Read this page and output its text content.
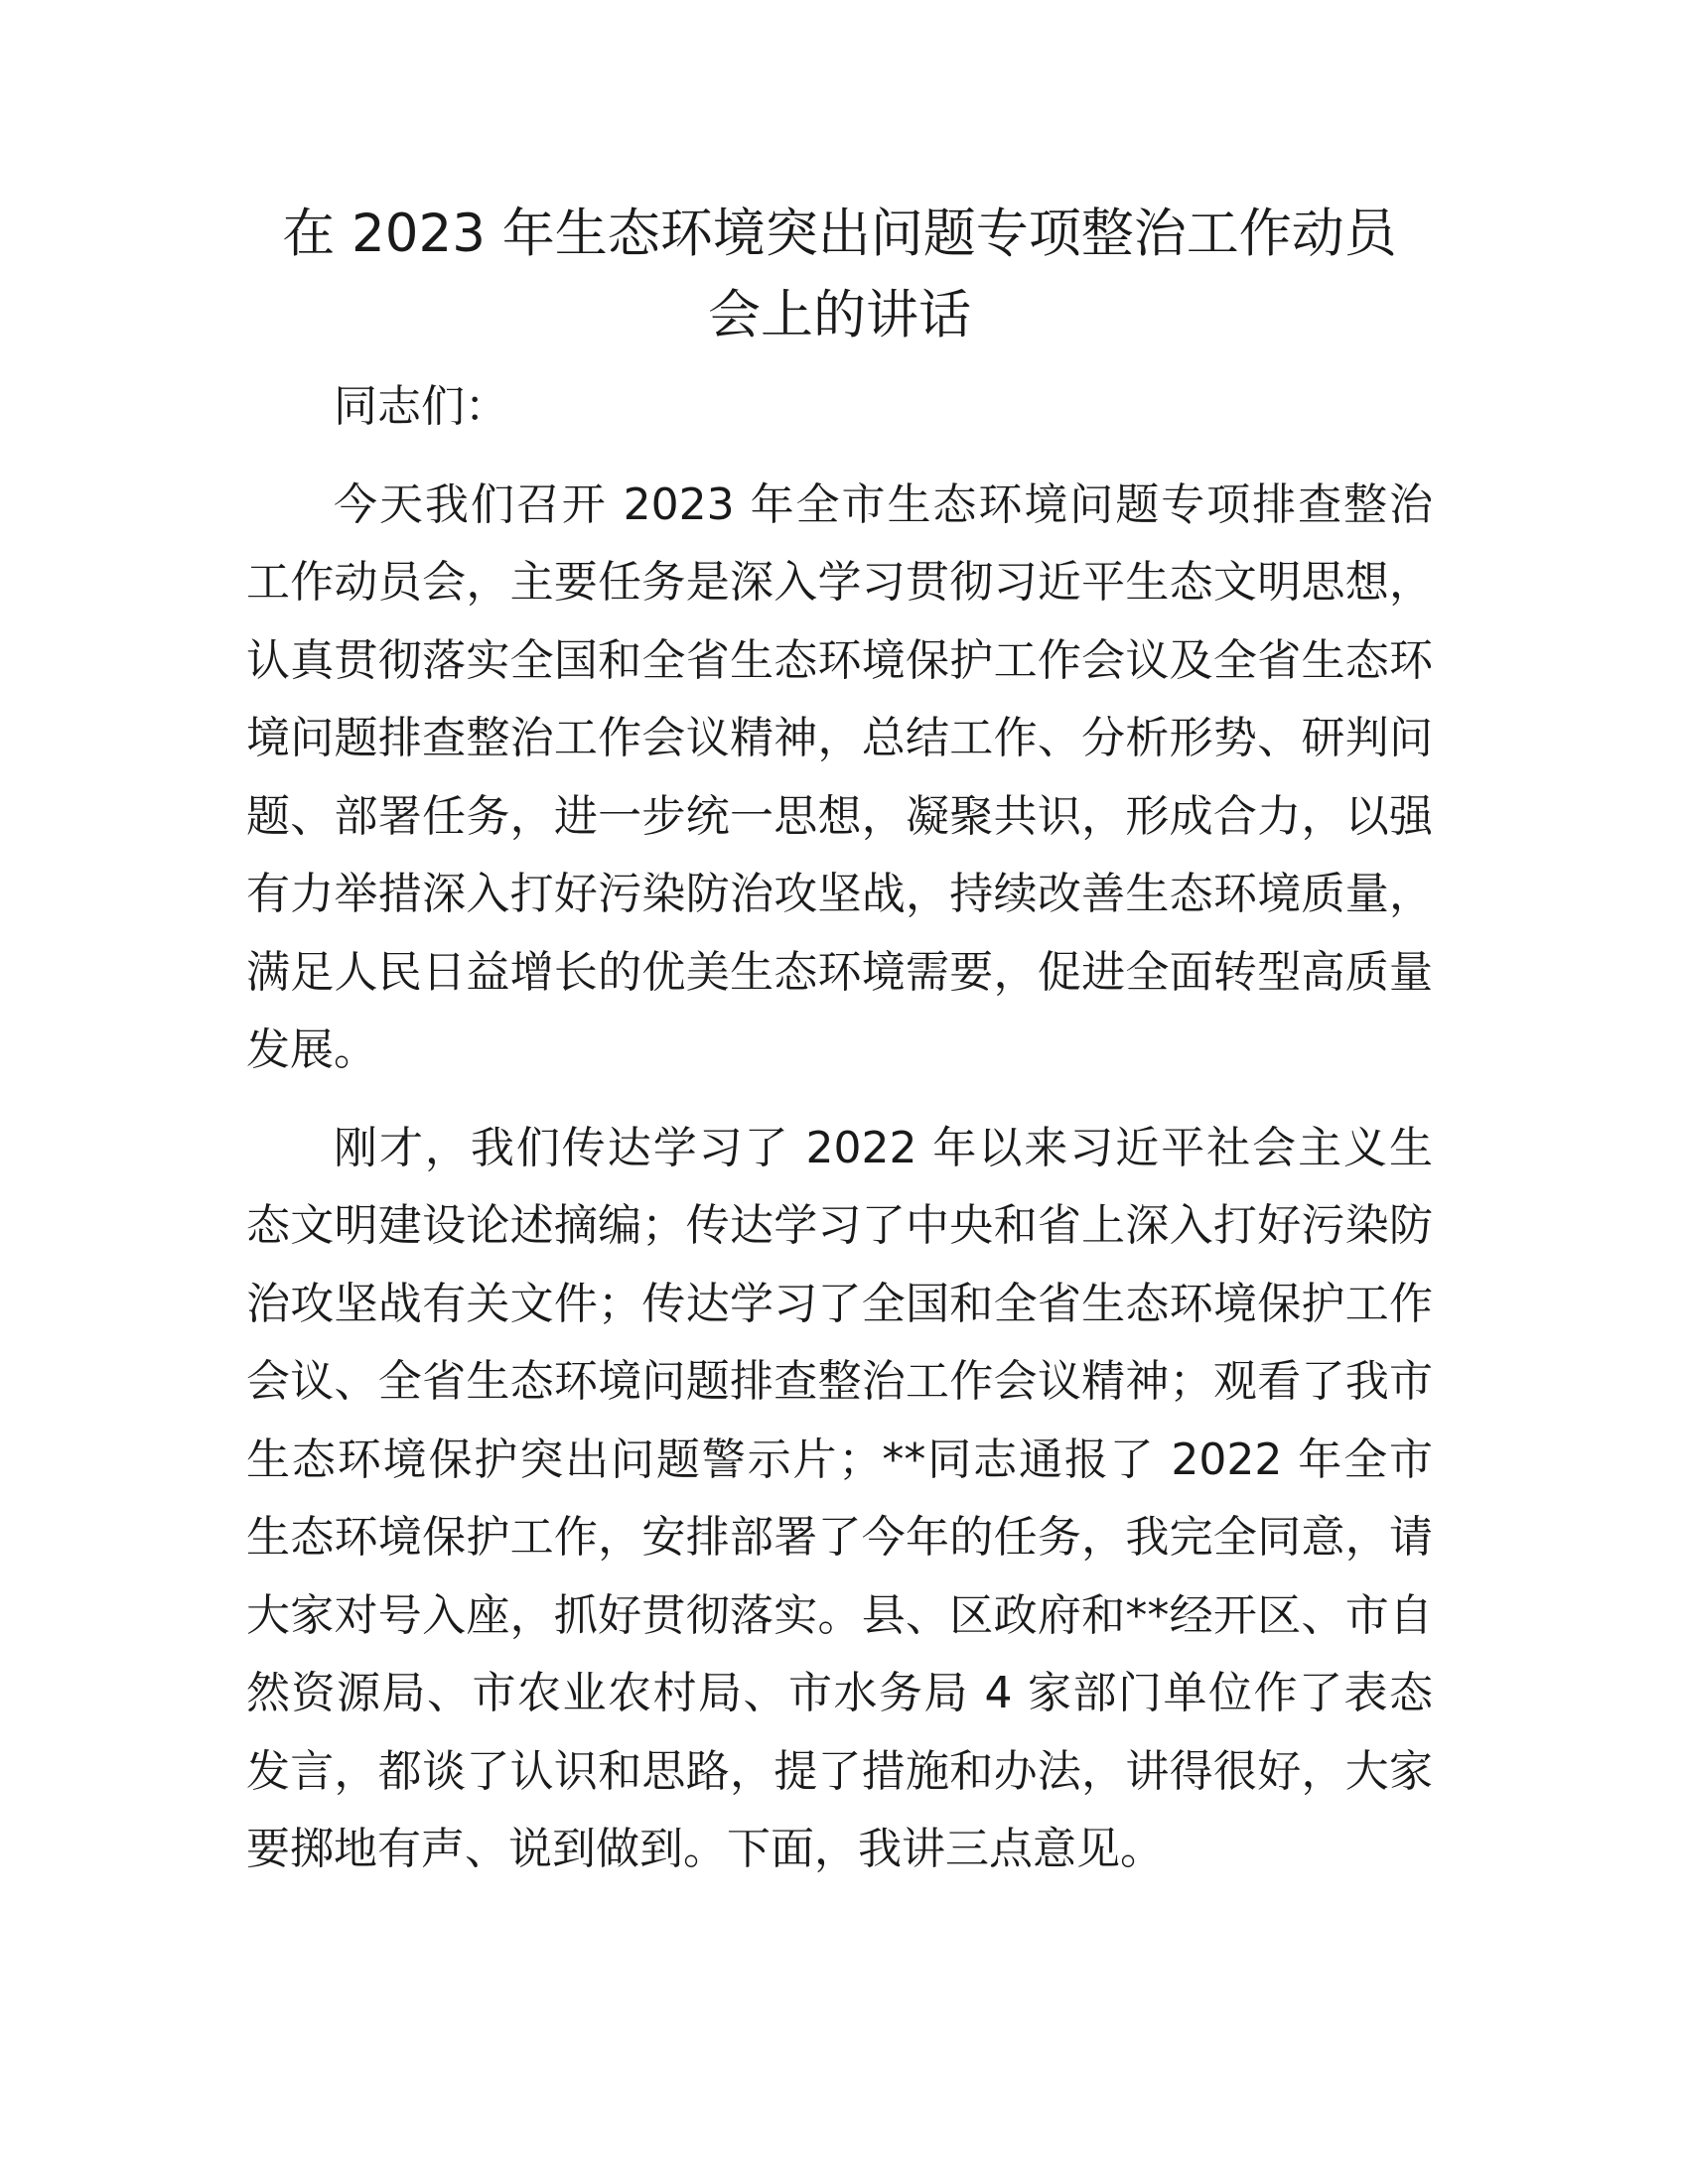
在 2023 年生态环境突出问题专项整治工作动员
会上的讲话

同志们：

今天我们召开 2023 年全市生态环境问题专项排查整治工作动员会，主要任务是深入学习贯彻习近平生态文明思想，认真贯彻落实全国和全省生态环境保护工作会议及全省生态环境问题排查整治工作会议精神，总结工作、分析形势、研判问题、部署任务，进一步统一思想，凝聚共识，形成合力，以强有力举措深入打好污染防治攻坚战，持续改善生态环境质量，满足人民日益增长的优美生态环境需要，促进全面转型高质量发展。

刚才，我们传达学习了 2022 年以来习近平社会主义生态文明建设论述摘编；传达学习了中央和省上深入打好污染防治攻坚战有关文件；传达学习了全国和全省生态环境保护工作会议、全省生态环境问题排查整治工作会议精神；观看了我市生态环境保护突出问题警示片；**同志通报了 2022 年全市生态环境保护工作，安排部署了今年的任务，我完全同意，请大家对号入座，抓好贯彻落实。县、区政府和**经开区、市自然资源局、市农业农村局、市水务局 4 家部门单位作了表态发言，都谈了认识和思路，提了措施和办法，讲得很好，大家要掷地有声、说到做到。下面，我讲三点意见。
